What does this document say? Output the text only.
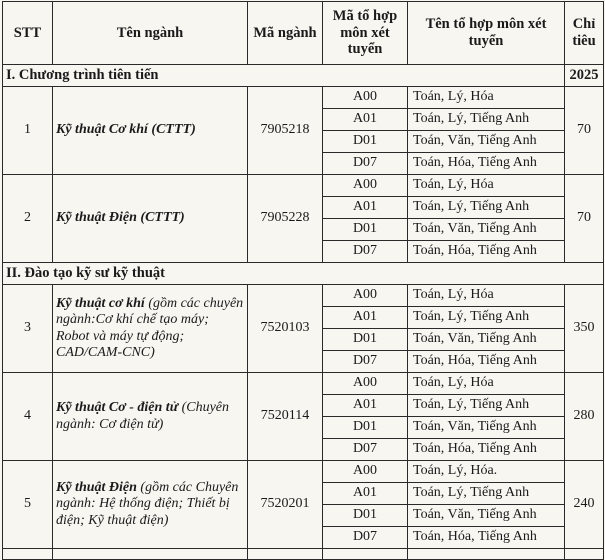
STT	Tên ngành	Mã ngành	Mã tổ hợp môn xét tuyển	Tên tổ hợp môn xét tuyển	Chỉ tiêu
I. Chương trình tiên tiến					2025
1	Kỹ thuật Cơ khí (CTTT)	7905218	A00	Toán, Lý, Hóa	70
			A01	Toán, Lý, Tiếng Anh	
			D01	Toán, Văn, Tiếng Anh	
			D07	Toán, Hóa, Tiếng Anh	
2	Kỹ thuật Điện (CTTT)	7905228	A00	Toán, Lý, Hóa	70
			A01	Toán, Lý, Tiếng Anh	
			D01	Toán, Văn, Tiếng Anh	
			D07	Toán, Hóa, Tiếng Anh	
II. Đào tạo kỹ sư kỹ thuật					
3	Kỹ thuật cơ khí (gồm các chuyên ngành:Cơ khí chế tạo máy; Robot và máy tự động; CAD/CAM-CNC)	7520103	A00	Toán, Lý, Hóa	350
			A01	Toán, Lý, Tiếng Anh	
			D01	Toán, Văn, Tiếng Anh	
			D07	Toán, Hóa, Tiếng Anh	
4	Kỹ thuật Cơ - điện tử (Chuyên ngành: Cơ điện tử)	7520114	A00	Toán, Lý, Hóa	280
			A01	Toán, Lý, Tiếng Anh	
			D01	Toán, Văn, Tiếng Anh	
			D07	Toán, Hóa, Tiếng Anh	
5	Kỹ thuật Điện (gồm các Chuyên ngành: Hệ thống điện; Thiết bị điện; Kỹ thuật điện)	7520201	A00	Toán, Lý, Hóa.	240
			A01	Toán, Lý, Tiếng Anh	
			D01	Toán, Văn, Tiếng Anh	
			D07	Toán, Hóa, Tiếng Anh	
